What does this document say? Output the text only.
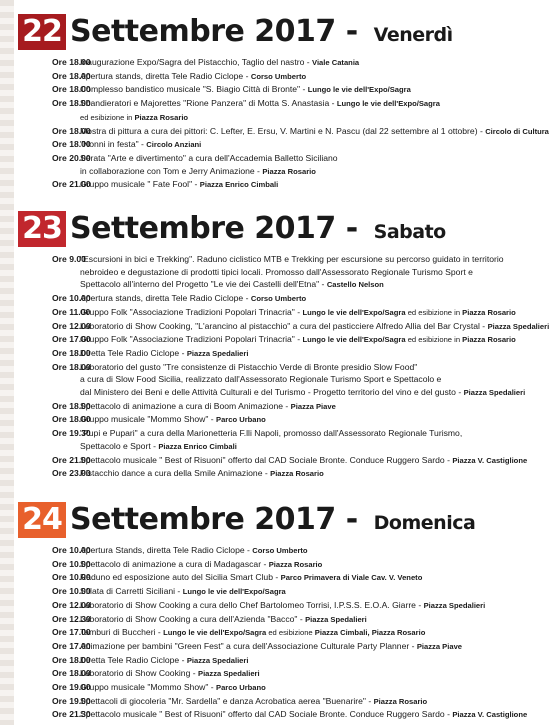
22 Settembre 2017 - Venerdì
Ore 18.00
Inaugurazione Expo/Sagra del Pistacchio, Taglio del nastro - Viale Catania
Ore 18.00
Apertura stands, diretta Tele Radio Ciclope - Corso Umberto
Ore 18.00
Complesso bandistico musicale "S. Biagio Città di Bronte" - Lungo le vie dell'Expo/Sagra
Ore 18.00
Sbandieratori e Majorettes "Rione Panzera" di Motta S. Anastasia - Lungo le vie dell'Expo/Sagra
ed esibizione in Piazza Rosario
Ore 18.00
Mostra di pittura a cura dei pittori: C. Lefter, E. Ersu, V. Martini e N. Pascu (dal 22 settembre al 1 ottobre) - Circolo di Cultura
Ore 18.00
"Nonni in festa" - Circolo Anziani
Ore 20.00
Serata "Arte e divertimento" a cura dell'Accademia Balletto Siciliano
in collaborazione con Tom e Jerry Animazione - Piazza Rosario
Ore 21.00
Gruppo musicale " Fate Fool" - Piazza Enrico Cimbali
23 Settembre 2017 - Sabato
Ore 9.00
"Escursioni in bici e Trekking". Raduno ciclistico MTB e Trekking per escursione su percorso guidato in territorio
nebroideo e degustazione di prodotti tipici locali. Promosso dall'Assessorato Regionale Turismo Sport e
Spettacolo all'interno del Progetto "Le vie dei Castelli dell'Etna" - Castello Nelson
Ore 10.00
Apertura stands, diretta Tele Radio Ciclope - Corso Umberto
Ore 11.00
Gruppo Folk "Associazione Tradizioni Popolari Trinacria" - Lungo le vie dell'Expo/Sagra ed esibizione in Piazza Rosario
Ore 12.00
Laboratorio di Show Cooking, "L'arancino al pistacchio" a cura del pasticciere Alfredo Allia del Bar Crystal - Piazza Spedalieri
Ore 17.00
Gruppo Folk "Associazione Tradizioni Popolari Trinacria" - Lungo le vie dell'Expo/Sagra ed esibizione in Piazza Rosario
Ore 18.00
Diretta Tele Radio Ciclope - Piazza Spedalieri
Ore 18.00
Laboratorio del gusto "Tre consistenze di Pistacchio Verde di Bronte presidio Slow Food"
a cura di Slow Food Sicilia, realizzato dall'Assessorato Regionale Turismo Sport e Spettacolo e
dal Ministero dei Beni e delle Attività Culturali e del Turismo - Progetto territorio del vino e del gusto - Piazza Spedalieri
Ore 18.00
Spettacolo di animazione a cura di Boom Animazione - Piazza Piave
Ore 18.00
Gruppo musicale "Mommo Show" - Parco Urbano
Ore 19.30
"Pupi e Pupari" a cura della Marionetteria F.lli Napoli, promosso dall'Assessorato Regionale Turismo,
Spettacolo e Sport - Piazza Enrico Cimbali
Ore 21.00
Spettacolo musicale " Best of Risuoni" offerto dal CAD Sociale Bronte. Conduce Ruggero Sardo - Piazza V. Castiglione
Ore 23.00
Pistacchio dance a cura della Smile Animazione - Piazza Rosario
24 Settembre 2017 - Domenica
Ore 10.00
Apertura Stands, diretta Tele Radio Ciclope - Corso Umberto
Ore 10.00
Spettacolo di animazione a cura di Madagascar - Piazza Rosario
Ore 10.00
Raduno ed esposizione auto del Sicilia Smart Club - Parco Primavera di Viale Cav. V. Veneto
Ore 10.00
Sfilata di Carretti Siciliani - Lungo le vie dell'Expo/Sagra
Ore 12.00
Laboratorio di Show Cooking a cura dello Chef Bartolomeo Torrisi, I.P.S.S. E.O.A. Giarre - Piazza Spedalieri
Ore 12.30
Laboratorio di Show Cooking a cura dell'Azienda "Bacco" - Piazza Spedalieri
Ore 17.00
Tamburi di Buccheri - Lungo le vie dell'Expo/Sagra ed esibizione Piazza Cimbali, Piazza Rosario
Ore 17.00
Animazione per bambini "Green Fest" a cura dell'Associazione Culturale Party Planner - Piazza Piave
Ore 18.00
Diretta Tele Radio Ciclope - Piazza Spedalieri
Ore 18.00
Laboratorio di Show Cooking - Piazza Spedalieri
Ore 19.00
Gruppo musicale "Mommo Show" - Parco Urbano
Ore 19.00
Spettacoli di giocoleria "Mr. Sardella" e danza Acrobatica aerea "Buenarire" - Piazza Rosario
Ore 21.30
Spettacolo musicale " Best of Risuoni" offerto dal CAD Sociale Bronte. Conduce Ruggero Sardo - Piazza V. Castiglione
